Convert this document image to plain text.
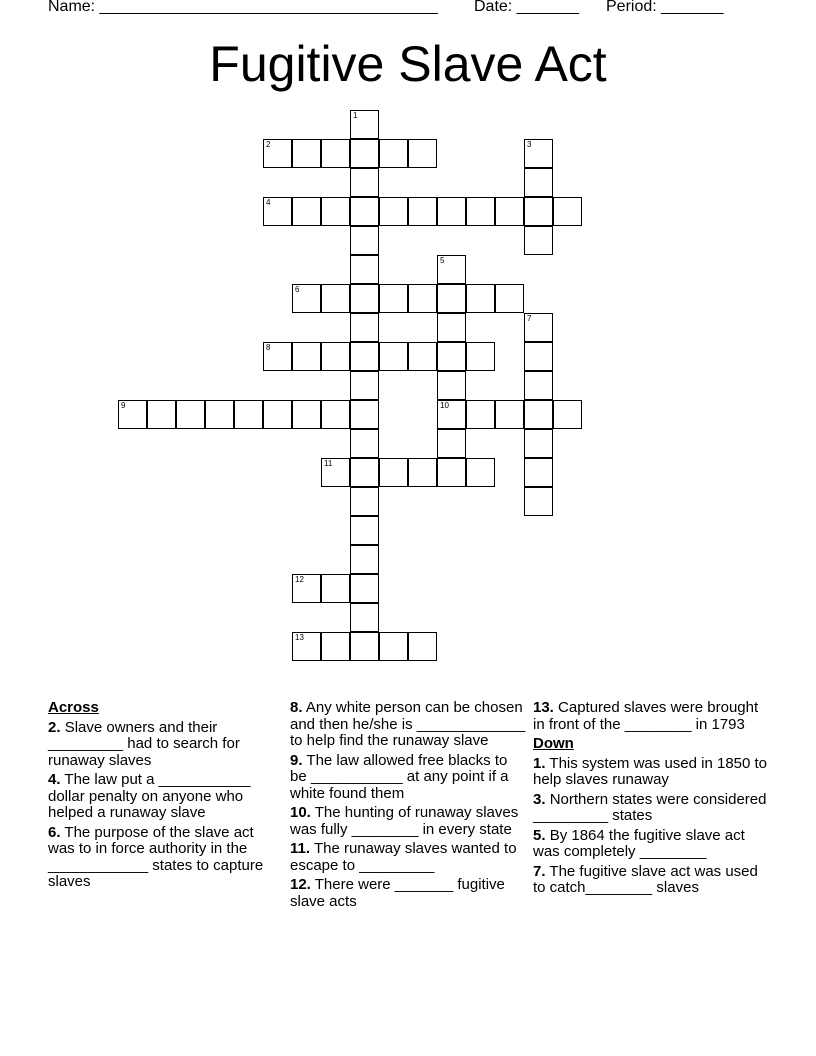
Name: ______________________________________ Date: _______ Period: _______
Fugitive Slave Act
1
2	3
4
5
10
6
7
8
9
11
12
13
Across
2. Slave owners and their _________ had to search for runaway slaves
4. The law put a ___________ dollar penalty on anyone who helped a runaway slave
6. The purpose of the slave act was to in force authority in the ____________ states to capture slaves
8. Any white person can be chosen and then he/she is _____________ to help find the runaway slave
9. The law allowed free blacks to be ___________ at any point if a white found them
10. The hunting of runaway slaves was fully ________ in every state
11. The runaway slaves wanted to escape to _________
12. There were _______ fugitive slave acts
13. Captured slaves were brought in front of the ________ in 1793
Down
1. This system was used in 1850 to help slaves runaway
3. Northern states were considered _________ states
5. By 1864 the fugitive slave act was completely ________
7. The fugitive slave act was used to catch________ slaves
